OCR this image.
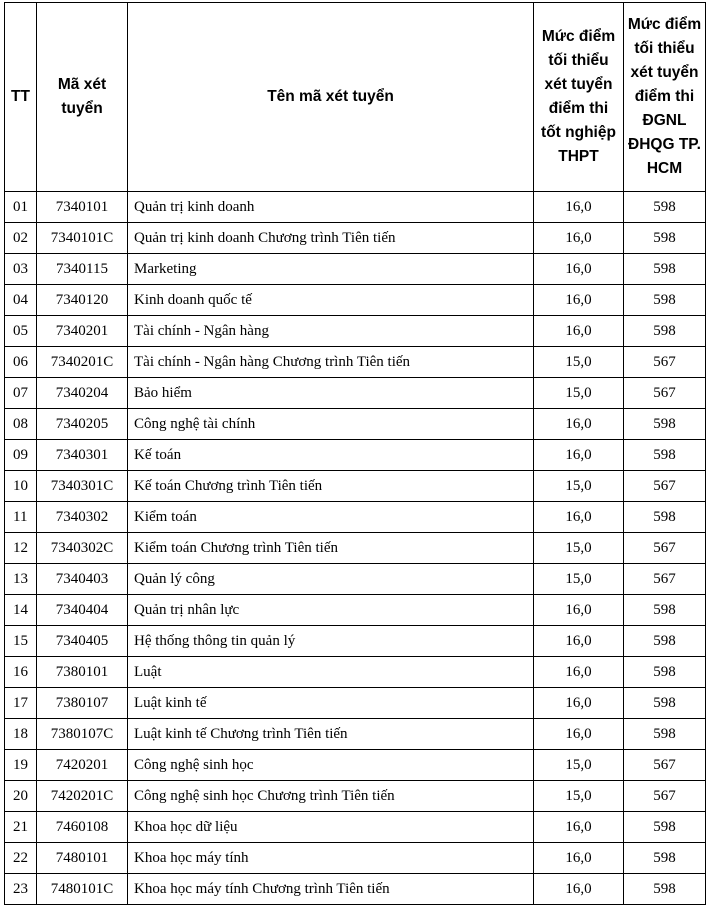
TT	Mã xét tuyển	Tên mã xét tuyển	Mức điểm tối thiểu xét tuyển điểm thi tốt nghiệp THPT	Mức điểm tối thiểu xét tuyển điểm thi ĐGNL ĐHQG TP. HCM
01	7340101	Quản trị kinh doanh	16,0	598
02	7340101C	Quản trị kinh doanh Chương trình Tiên tiến	16,0	598
03	7340115	Marketing	16,0	598
04	7340120	Kinh doanh quốc tế	16,0	598
05	7340201	Tài chính - Ngân hàng	16,0	598
06	7340201C	Tài chính - Ngân hàng Chương trình Tiên tiến	15,0	567
07	7340204	Bảo hiểm	15,0	567
08	7340205	Công nghệ tài chính	16,0	598
09	7340301	Kế toán	16,0	598
10	7340301C	Kế toán Chương trình Tiên tiến	15,0	567
11	7340302	Kiểm toán	16,0	598
12	7340302C	Kiểm toán Chương trình Tiên tiến	15,0	567
13	7340403	Quản lý công	15,0	567
14	7340404	Quản trị nhân lực	16,0	598
15	7340405	Hệ thống thông tin quản lý	16,0	598
16	7380101	Luật	16,0	598
17	7380107	Luật kinh tế	16,0	598
18	7380107C	Luật kinh tế Chương trình Tiên tiến	16,0	598
19	7420201	Công nghệ sinh học	15,0	567
20	7420201C	Công nghệ sinh học Chương trình Tiên tiến	15,0	567
21	7460108	Khoa học dữ liệu	16,0	598
22	7480101	Khoa học máy tính	16,0	598
23	7480101C	Khoa học máy tính Chương trình Tiên tiến	16,0	598
